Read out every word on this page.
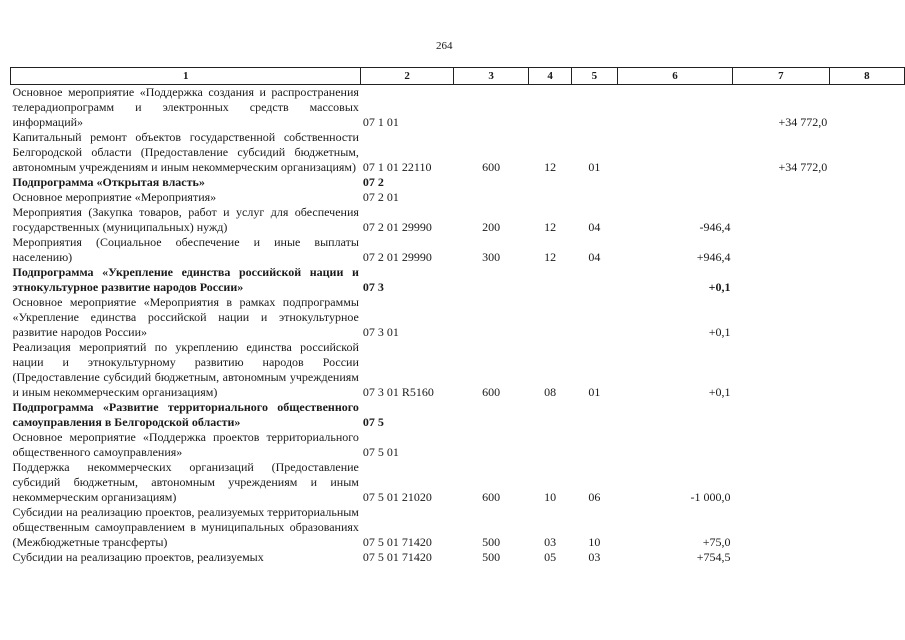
264
1	2	3	4	5	6	7	8
Основное мероприятие «Поддержка создания и распространения телерадиопрограмм и электронных средств массовых информаций»	07 1 01					+34 772,0	
Капитальный ремонт объектов государственной собственности Белгородской области (Предоставление субсидий бюджетным, автономным учреждениям и иным некоммерческим организациям)	07 1 01 22110	600	12	01		+34 772,0	
Подпрограмма «Открытая власть»	07 2						
Основное мероприятие «Мероприятия»	07 2 01						
Мероприятия (Закупка товаров, работ и услуг для обеспечения государственных (муниципальных) нужд)	07 2 01 29990	200	12	04	-946,4		
Мероприятия (Социальное обеспечение и иные выплаты населению)	07 2 01 29990	300	12	04	+946,4		
Подпрограмма «Укрепление единства российской нации и этнокультурное развитие народов России»	07 3				+0,1		
Основное мероприятие «Мероприятия в рамках подпрограммы «Укрепление единства российской нации и этнокультурное развитие народов России»	07 3 01				+0,1		
Реализация мероприятий по укреплению единства российской нации и этнокультурному развитию народов России (Предоставление субсидий бюджетным, автономным учреждениям и иным некоммерческим организациям)	07 3 01 R5160	600	08	01	+0,1		
Подпрограмма «Развитие территориального общественного самоуправления в Белгородской области»	07 5						
Основное мероприятие «Поддержка проектов территориального общественного самоуправления»	07 5 01						
Поддержка некоммерческих организаций (Предоставление субсидий бюджетным, автономным учреждениям и иным некоммерческим организациям)	07 5 01 21020	600	10	06	-1 000,0		
Субсидии на реализацию проектов, реализуемых территориальным общественным самоуправлением в муниципальных образованиях (Межбюджетные трансферты)	07 5 01 71420	500	03	10	+75,0		
Субсидии на реализацию проектов, реализуемых	07 5 01 71420	500	05	03	+754,5		
